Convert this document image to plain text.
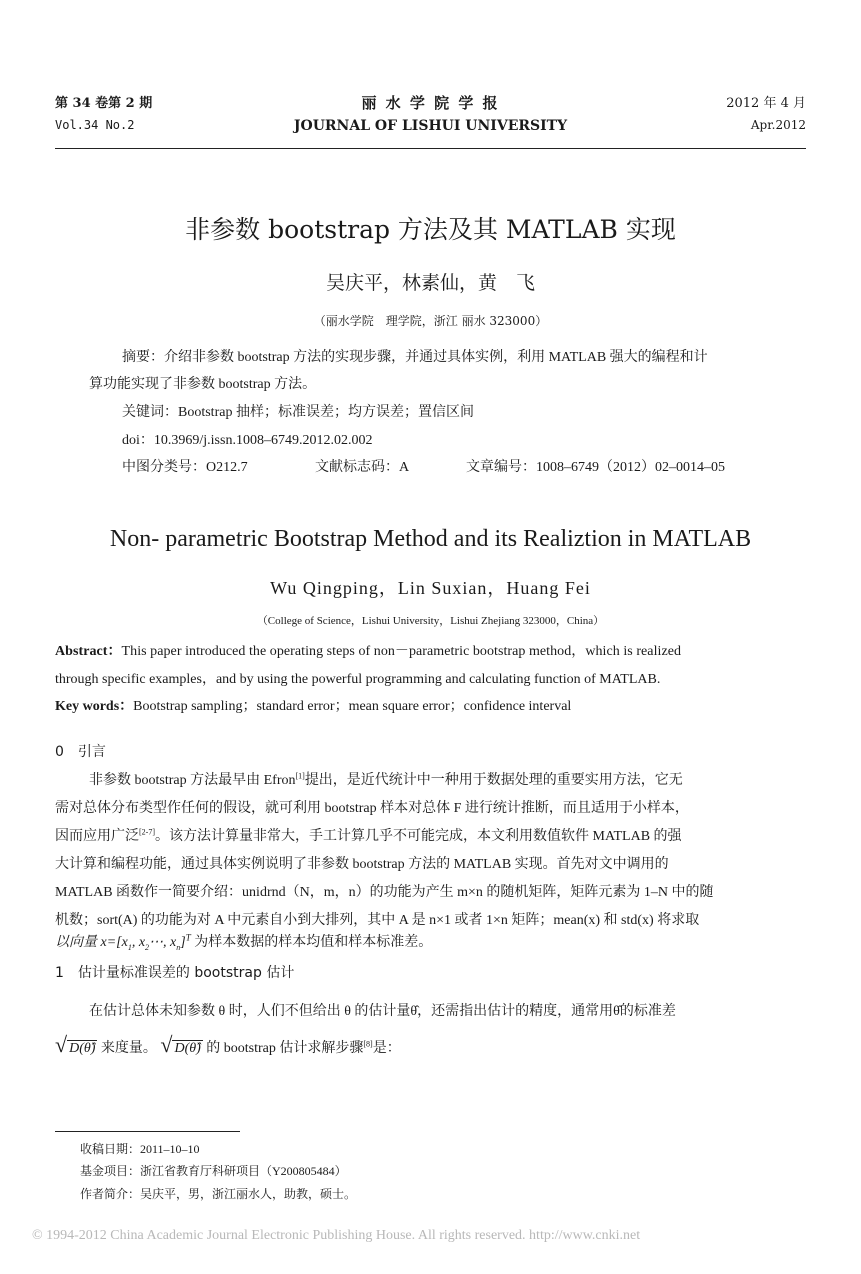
第 34 卷第 2 期
Vol.34 No.2
丽 水 学 院 学 报
JOURNAL OF LISHUI UNIVERSITY
2012 年 4 月
Apr.2012
非参数 bootstrap 方法及其 MATLAB 实现
吴庆平，林素仙，黄　飞
（丽水学院　理学院，浙江 丽水 323000）
摘要：介绍非参数 bootstrap 方法的实现步骤，并通过具体实例，利用 MATLAB 强大的编程和计
算功能实现了非参数 bootstrap 方法。
关键词：Bootstrap 抽样；标准误差；均方误差；置信区间
doi：10.3969/j.issn.1008–6749.2012.02.002
中图分类号：O212.7	文献标志码：A	文章编号：1008–6749（2012）02–0014–05
Non- parametric Bootstrap Method and its Realiztion in MATLAB
Wu Qingping，Lin Suxian，Huang Fei
（College of Science，Lishui University，Lishui Zhejiang 323000，China）
Abstract：This paper introduced the operating steps of non－parametric bootstrap method，which is realized
through specific examples，and by using the powerful programming and calculating function of MATLAB.
Key words：Bootstrap sampling；standard error；mean square error；confidence interval
0　引言
非参数 bootstrap 方法最早由 Efron[1]提出，是近代统计中一种用于数据处理的重要实用方法，它无
需对总体分布类型作任何的假设，就可利用 bootstrap 样本对总体 F 进行统计推断，而且适用于小样本，
因而应用广泛[2-7]。该方法计算量非常大，手工计算几乎不可能完成，本文利用数值软件 MATLAB 的强
大计算和编程功能，通过具体实例说明了非参数 bootstrap 方法的 MATLAB 实现。首先对文中调用的
MATLAB 函数作一简要介绍：unidrnd（N，m，n）的功能为产生 m×n 的随机矩阵，矩阵元素为 1–N 中的随
机数；sort(A) 的功能为对 A 中元素自小到大排列，其中 A 是 n×1 或者 1×n 矩阵；mean(x) 和 std(x) 将求取
以向量 $x=[x_1$, $x_2\cdots$, $x_n]^T$ 为样本数据的样本均值和样本标准差。
1　估计量标准误差的 bootstrap 估计
在估计总体未知参数 θ 时，人们不但给出 θ 的估计量θ̂，还需指出估计的精度，通常用θ̂的标准差
√ D(θ̂) 来度量。 √ D(θ̂) 的 bootstrap 估计求解步骤[8]是：
收稿日期：2011–10–10
基金项目：浙江省教育厅科研项目（Y200805484）
作者简介：吴庆平，男，浙江丽水人，助教，硕士。
© 1994-2012 China Academic Journal Electronic Publishing House. All rights reserved. http://www.cnki.net
